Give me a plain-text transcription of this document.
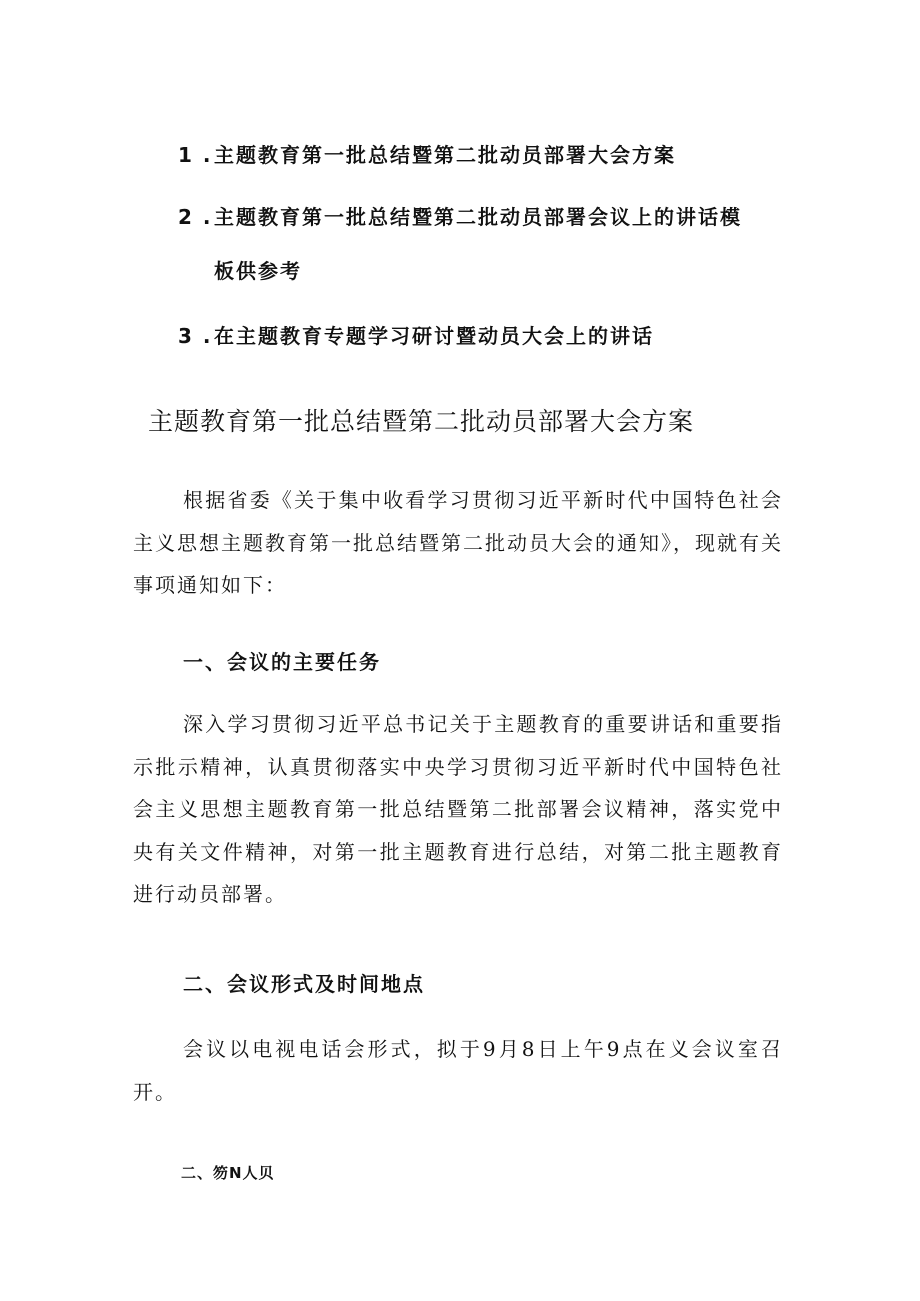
1 .主题教育第一批总结暨第二批动员部署大会方案
2 .主题教育第一批总结暨第二批动员部署会议上的讲话模
板供参考
3 .在主题教育专题学习研讨暨动员大会上的讲话
主题教育第一批总结暨第二批动员部署大会方案
根据省委《关于集中收看学习贯彻习近平新时代中国特色社会主义思想主题教育第一批总结暨第二批动员大会的通知》，现就有关事项通知如下：
一、会议的主要任务
深入学习贯彻习近平总书记关于主题教育的重要讲话和重要指示批示精神，认真贯彻落实中央学习贯彻习近平新时代中国特色社会主义思想主题教育第一批总结暨第二批部署会议精神，落实党中央有关文件精神，对第一批主题教育进行总结，对第二批主题教育进行动员部署。
二、会议形式及时间地点
会议以电视电话会形式，拟于9月8日上午9点在义会议室召开。
二、笏N人贝
